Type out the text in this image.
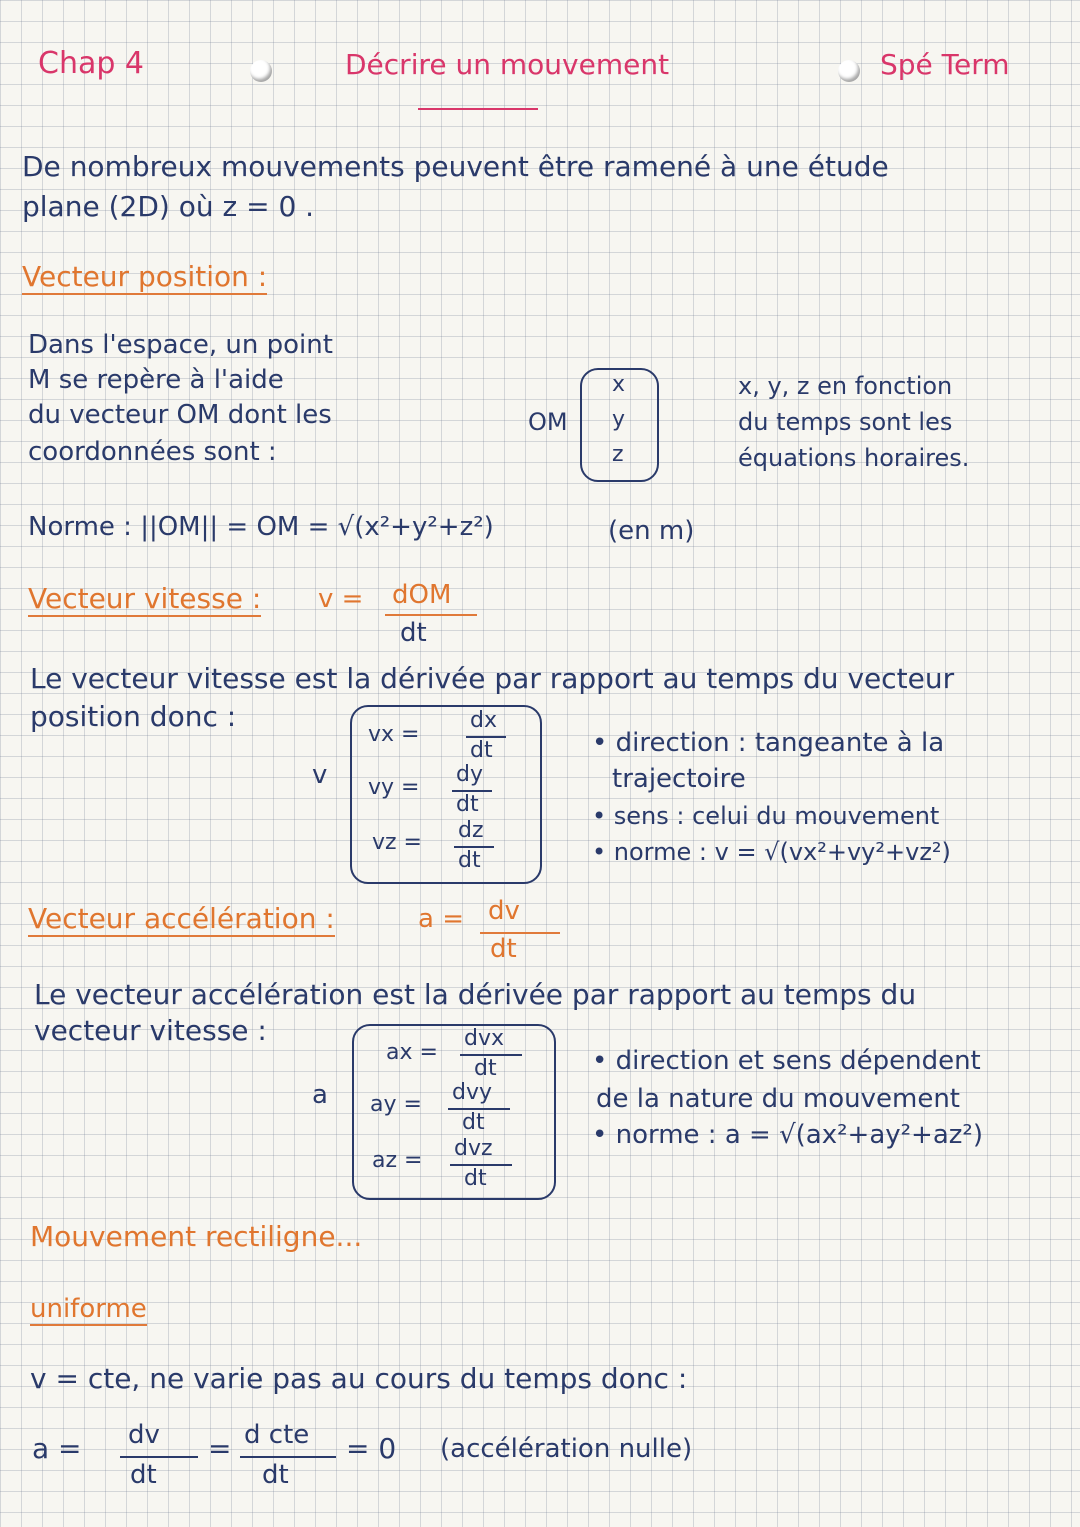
Chap 4	Décrire un mouvement	Spé Term
De nombreux mouvements peuvent être ramené à une étude
plane (2D) où z = 0 .
Vecteur position :
Dans l'espace, un point
M se repère à l'aide
du vecteur OM dont les
coordonnées sont :
OM
x
y
z
x, y, z en fonction
du temps sont les
équations horaires.
Norme : ||OM|| = OM = √(x²+y²+z²)	(en m)
Vecteur vitesse : v = dOM
dt
Le vecteur vitesse est la dérivée par rapport au temps du vecteur
position donc :
v
vx =
dx
dt
vy =
dy
dt
vz = dz
dt
• direction : tangeante à la
trajectoire
• sens : celui du mouvement
• norme : v = √(vx²+vy²+vz²)
Vecteur accélération :	a = dv
dt
Le vecteur accélération est la dérivée par rapport au temps du
vecteur vitesse :
a
ax =
dvx
dt
ay = dvy
dt
az = dvz
dt
• direction et sens dépendent
de la nature du mouvement
• norme : a = √(ax²+ay²+az²)
Mouvement rectiligne...
uniforme
v = cte, ne varie pas au cours du temps donc :
a = dv
dt
= d cte
dt
= 0 (accélération nulle)
